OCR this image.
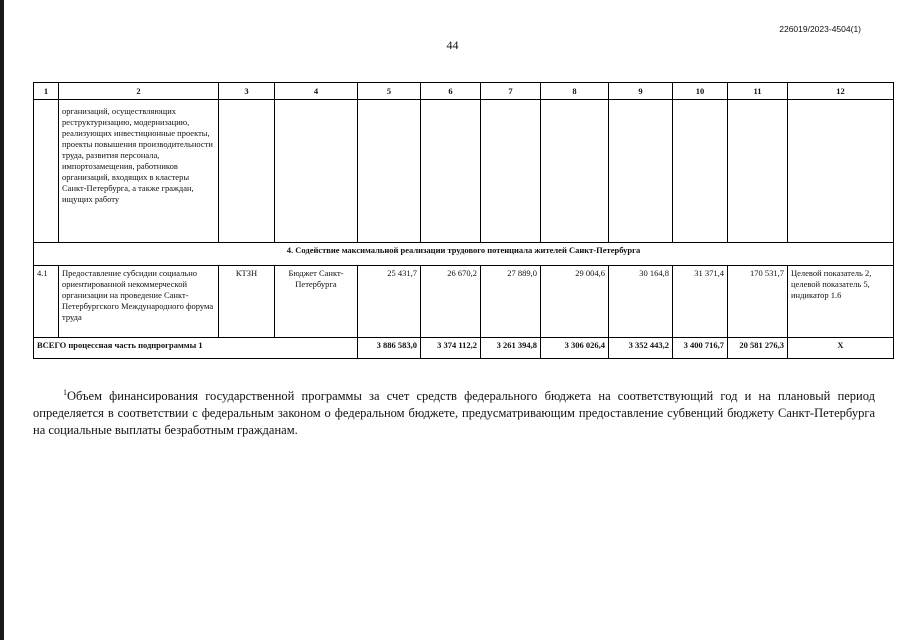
226019/2023-4504(1)
44
1	2	3	4	5	6	7	8	9	10	11	12
	организаций, осуществляющих реструктуризацию, модернизацию, реализующих инвестиционные проекты, проекты повышения производительности труда, развития персонала, импортозамещения, работников организаций, входящих в кластеры Санкт-Петербурга, а также граждан, ищущих работу										
4. Содействие максимальной реализации трудового потенциала жителей Санкт-Петербурга											
4.1	Предоставление субсидии социально ориентированной некоммерческой организации на проведение Санкт-Петербургского Международного форума труда	КТЗН	Бюджет Санкт-Петербурга	25 431,7	26 670,2	27 889,0	29 004,6	30 164,8	31 371,4	170 531,7	Целевой показатель 2, целевой показатель 5, индикатор 1.6
ВСЕГО процессная часть подпрограммы 1				3 886 583,0	3 374 112,2	3 261 394,8	3 306 026,4	3 352 443,2	3 400 716,7	20 581 276,3	X
$^1$Объем финансирования государственной программы за счет средств федерального бюджета на соответствующий год и на плановый период определяется в соответствии с федеральным законом о федеральном бюджете, предусматривающим предоставление субвенций бюджету Санкт-Петербурга на социальные выплаты безработным гражданам.
